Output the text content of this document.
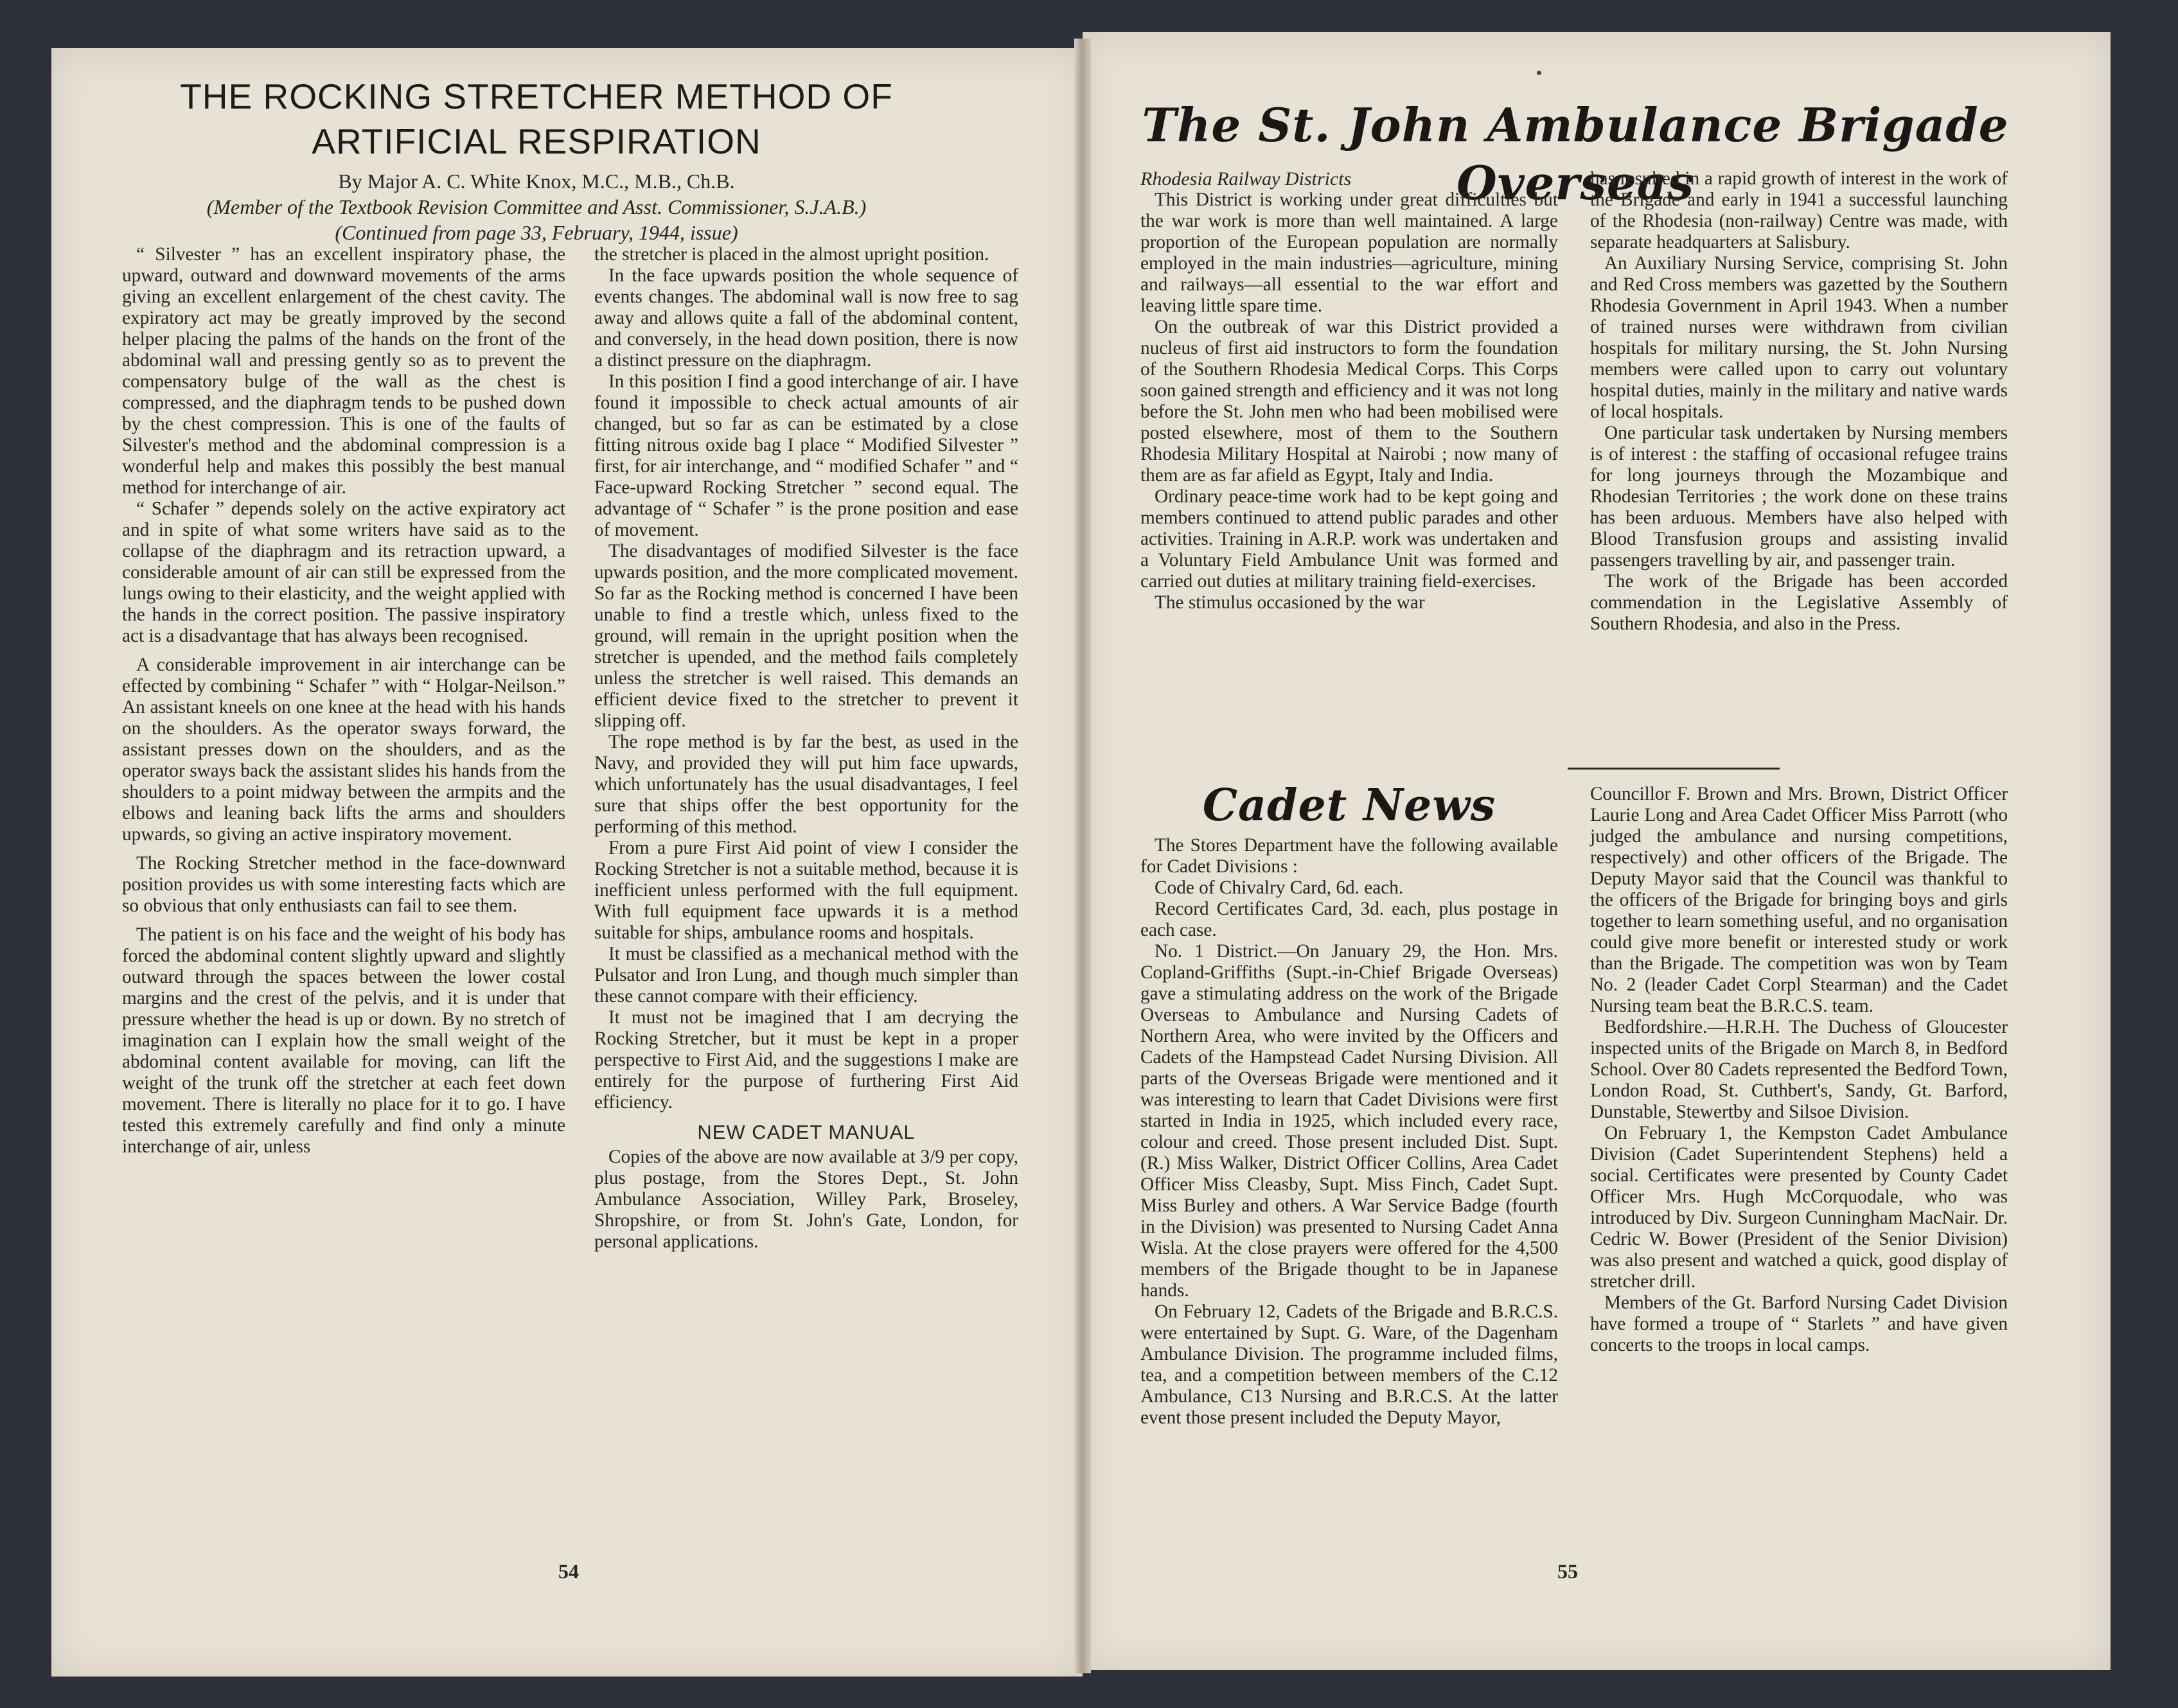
THE ROCKING STRETCHER METHOD OF ARTIFICIAL RESPIRATION
By Major A. C. White Knox, M.C., M.B., Ch.B.
(Member of the Textbook Revision Committee and Asst. Commissioner, S.J.A.B.)
(Continued from page 33, February, 1944, issue)

“ Silvester ” has an excellent inspiratory phase, the upward, outward and downward movements of the arms giving an excellent enlargement of the chest cavity. The expiratory act may be greatly improved by the second helper placing the palms of the hands on the front of the abdominal wall and pressing gently so as to prevent the compensatory bulge of the wall as the chest is compressed, and the diaphragm tends to be pushed down by the chest compression. This is one of the faults of Silvester's method and the abdominal compression is a wonderful help and makes this possibly the best manual method for interchange of air.

“ Schafer ” depends solely on the active expiratory act and in spite of what some writers have said as to the collapse of the diaphragm and its retraction upward, a considerable amount of air can still be expressed from the lungs owing to their elasticity, and the weight applied with the hands in the correct position. The passive inspiratory act is a disadvantage that has always been recognised.

A considerable improvement in air interchange can be effected by combining “ Schafer ” with “ Holgar-Neilson.” An assistant kneels on one knee at the head with his hands on the shoulders. As the operator sways forward, the assistant presses down on the shoulders, and as the operator sways back the assistant slides his hands from the shoulders to a point midway between the armpits and the elbows and leaning back lifts the arms and shoulders upwards, so giving an active inspiratory movement.

The Rocking Stretcher method in the face-downward position provides us with some interesting facts which are so obvious that only enthusiasts can fail to see them.

The patient is on his face and the weight of his body has forced the abdominal content slightly upward and slightly outward through the spaces between the lower costal margins and the crest of the pelvis, and it is under that pressure whether the head is up or down. By no stretch of imagination can I explain how the small weight of the abdominal content available for moving, can lift the weight of the trunk off the stretcher at each feet down movement. There is literally no place for it to go. I have tested this extremely carefully and find only a minute interchange of air, unless

the stretcher is placed in the almost upright position.

In the face upwards position the whole sequence of events changes. The abdominal wall is now free to sag away and allows quite a fall of the abdominal content, and conversely, in the head down position, there is now a distinct pressure on the diaphragm.

In this position I find a good interchange of air. I have found it impossible to check actual amounts of air changed, but so far as can be estimated by a close fitting nitrous oxide bag I place “ Modified Silvester ” first, for air interchange, and “ modified Schafer ” and “ Face-upward Rocking Stretcher ” second equal. The advantage of “ Schafer ” is the prone position and ease of movement.

The disadvantages of modified Silvester is the face upwards position, and the more complicated movement. So far as the Rocking method is concerned I have been unable to find a trestle which, unless fixed to the ground, will remain in the upright position when the stretcher is upended, and the method fails completely unless the stretcher is well raised. This demands an efficient device fixed to the stretcher to prevent it slipping off.

The rope method is by far the best, as used in the Navy, and provided they will put him face upwards, which unfortunately has the usual disadvantages, I feel sure that ships offer the best opportunity for the performing of this method.

From a pure First Aid point of view I consider the Rocking Stretcher is not a suitable method, because it is inefficient unless performed with the full equipment. With full equipment face upwards it is a method suitable for ships, ambulance rooms and hospitals.

It must be classified as a mechanical method with the Pulsator and Iron Lung, and though much simpler than these cannot compare with their efficiency.

It must not be imagined that I am decrying the Rocking Stretcher, but it must be kept in a proper perspective to First Aid, and the suggestions I make are entirely for the purpose of furthering First Aid efficiency.

NEW CADET MANUAL

Copies of the above are now available at 3/9 per copy, plus postage, from the Stores Dept., St. John Ambulance Association, Willey Park, Broseley, Shropshire, or from St. John's Gate, London, for personal applications.

54
The St. John Ambulance Brigade Overseas

Rhodesia Railway Districts

This District is working under great difficulties but the war work is more than well maintained. A large proportion of the European population are normally employed in the main industries—agriculture, mining and railways—all essential to the war effort and leaving little spare time.

On the outbreak of war this District provided a nucleus of first aid instructors to form the foundation of the Southern Rhodesia Medical Corps. This Corps soon gained strength and efficiency and it was not long before the St. John men who had been mobilised were posted elsewhere, most of them to the Southern Rhodesia Military Hospital at Nairobi ; now many of them are as far afield as Egypt, Italy and India.

Ordinary peace-time work had to be kept going and members continued to attend public parades and other activities. Training in A.R.P. work was undertaken and a Voluntary Field Ambulance Unit was formed and carried out duties at military training field-exercises.

The stimulus occasioned by the war

has resulted in a rapid growth of interest in the work of the Brigade and early in 1941 a successful launching of the Rhodesia (non-railway) Centre was made, with separate headquarters at Salisbury.

An Auxiliary Nursing Service, comprising St. John and Red Cross members was gazetted by the Southern Rhodesia Government in April 1943. When a number of trained nurses were withdrawn from civilian hospitals for military nursing, the St. John Nursing members were called upon to carry out voluntary hospital duties, mainly in the military and native wards of local hospitals.

One particular task undertaken by Nursing members is of interest : the staffing of occasional refugee trains for long journeys through the Mozambique and Rhodesian Territories ; the work done on these trains has been arduous. Members have also helped with Blood Transfusion groups and assisting invalid passengers travelling by air, and passenger train.

The work of the Brigade has been accorded commendation in the Legislative Assembly of Southern Rhodesia, and also in the Press.

Cadet News

The Stores Department have the following available for Cadet Divisions :

Code of Chivalry Card, 6d. each.

Record Certificates Card, 3d. each, plus postage in each case.

No. 1 District.—On January 29, the Hon. Mrs. Copland-Griffiths (Supt.-in-Chief Brigade Overseas) gave a stimulating address on the work of the Brigade Overseas to Ambulance and Nursing Cadets of Northern Area, who were invited by the Officers and Cadets of the Hampstead Cadet Nursing Division. All parts of the Overseas Brigade were mentioned and it was interesting to learn that Cadet Divisions were first started in India in 1925, which included every race, colour and creed. Those present included Dist. Supt. (R.) Miss Walker, District Officer Collins, Area Cadet Officer Miss Cleasby, Supt. Miss Finch, Cadet Supt. Miss Burley and others. A War Service Badge (fourth in the Division) was presented to Nursing Cadet Anna Wisla. At the close prayers were offered for the 4,500 members of the Brigade thought to be in Japanese hands.

On February 12, Cadets of the Brigade and B.R.C.S. were entertained by Supt. G. Ware, of the Dagenham Ambulance Division. The programme included films, tea, and a competition between members of the C.12 Ambulance, C13 Nursing and B.R.C.S. At the latter event those present included the Deputy Mayor,

Councillor F. Brown and Mrs. Brown, District Officer Laurie Long and Area Cadet Officer Miss Parrott (who judged the ambulance and nursing competitions, respectively) and other officers of the Brigade. The Deputy Mayor said that the Council was thankful to the officers of the Brigade for bringing boys and girls together to learn something useful, and no organisation could give more benefit or interested study or work than the Brigade. The competition was won by Team No. 2 (leader Cadet Corpl Stearman) and the Cadet Nursing team beat the B.R.C.S. team.

Bedfordshire.—H.R.H. The Duchess of Gloucester inspected units of the Brigade on March 8, in Bedford School. Over 80 Cadets represented the Bedford Town, London Road, St. Cuthbert's, Sandy, Gt. Barford, Dunstable, Stewertby and Silsoe Division.

On February 1, the Kempston Cadet Ambulance Division (Cadet Superintendent Stephens) held a social. Certificates were presented by County Cadet Officer Mrs. Hugh McCorquodale, who was introduced by Div. Surgeon Cunningham MacNair. Dr. Cedric W. Bower (President of the Senior Division) was also present and watched a quick, good display of stretcher drill.

Members of the Gt. Barford Nursing Cadet Division have formed a troupe of “ Starlets ” and have given concerts to the troops in local camps.

55
